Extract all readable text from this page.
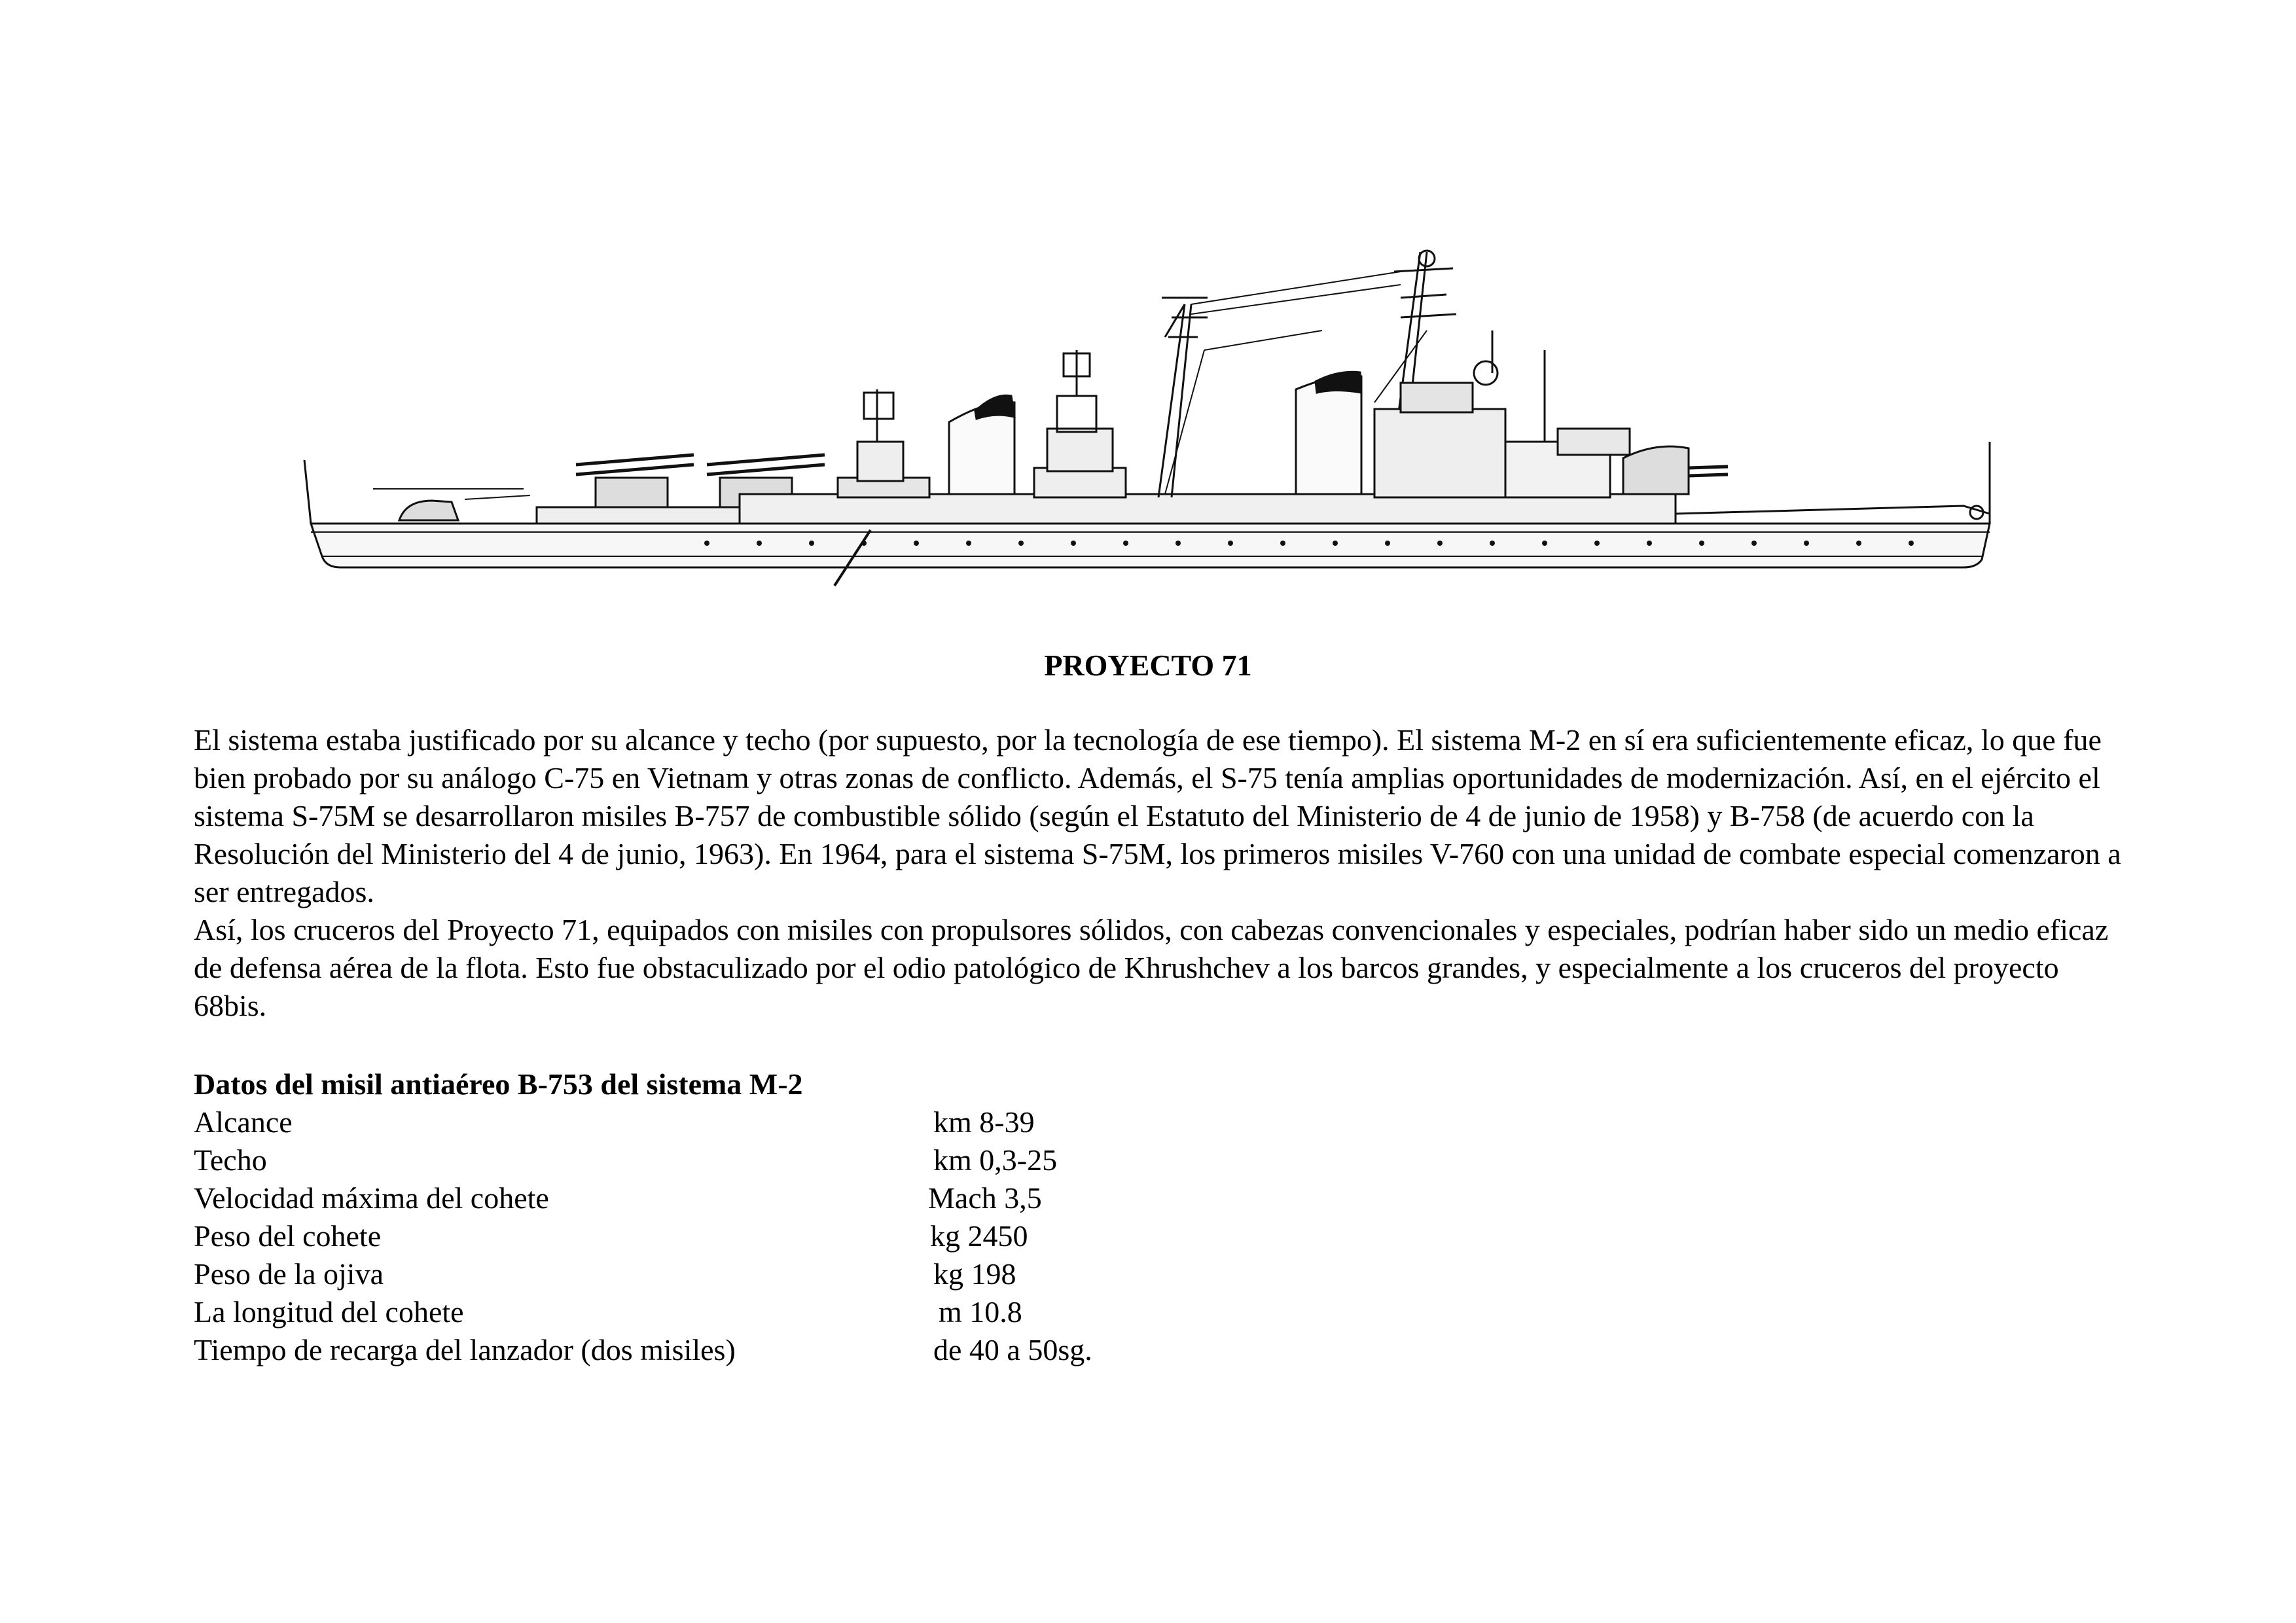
PROYECTO 71

El sistema estaba justificado por su alcance y techo (por supuesto, por la tecnología de ese tiempo). El sistema M-2 en sí era suficientemente eficaz, lo que fue bien probado por su análogo C-75 en Vietnam y otras zonas de conflicto. Además, el S-75 tenía amplias oportunidades de modernización. Así, en el ejército el sistema S-75M se desarrollaron misiles B-757 de combustible sólido (según el Estatuto del Ministerio de 4 de junio de 1958) y B-758 (de acuerdo con la Resolución del Ministerio del 4 de junio, 1963). En 1964, para el sistema S-75M, los primeros misiles V-760 con una unidad de combate especial comenzaron a ser entregados.

Así, los cruceros del Proyecto 71, equipados con misiles con propulsores sólidos, con cabezas convencionales y especiales, podrían haber sido un medio eficaz de defensa aérea de la flota. Esto fue obstaculizado por el odio patológico de Khrushchev a los barcos grandes, y especialmente a los cruceros del proyecto 68bis.

Datos del misil antiaéreo B-753 del sistema M-2
Alcance	km 8-39
Techo	km 0,3-25
Velocidad máxima del cohete	Mach 3,5
Peso del cohete	kg 2450
Peso de la ojiva	kg 198
La longitud del cohete	m 10.8
Tiempo de recarga del lanzador (dos misiles)	de 40 a 50sg.
